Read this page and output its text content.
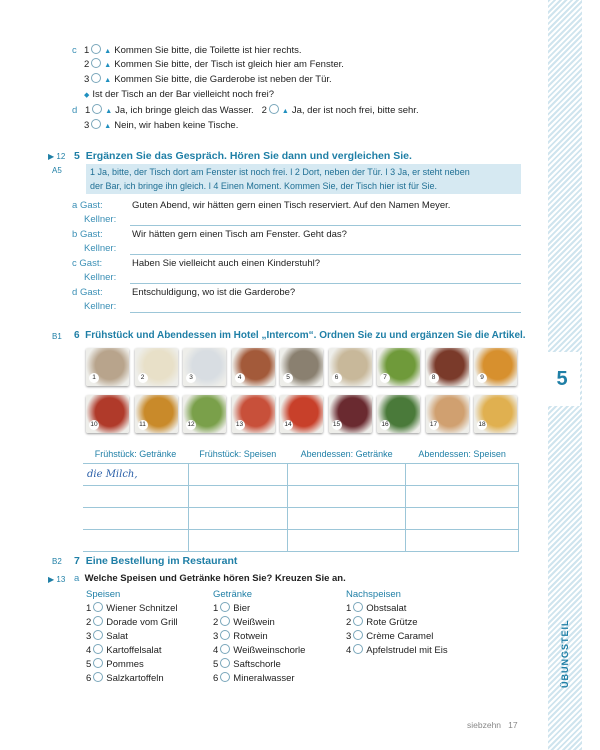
5
ÜBUNGSTEIL
c 1 ▲ Kommen Sie bitte, die Toilette ist hier rechts.
2 ▲ Kommen Sie bitte, der Tisch ist gleich hier am Fenster.
3 ▲ Kommen Sie bitte, die Garderobe ist neben der Tür.
◆ Ist der Tisch an der Bar vielleicht noch frei?
d 1 ▲ Ja, ich bringe gleich das Wasser. 2 ▲ Ja, der ist noch frei, bitte sehr.
3 ▲ Nein, wir haben keine Tische.
▶ 12
A5
5 Ergänzen Sie das Gespräch. Hören Sie dann und vergleichen Sie.
1 Ja, bitte, der Tisch dort am Fenster ist noch frei. ǀ 2 Dort, neben der Tür. ǀ 3 Ja, er steht neben
der Bar, ich bringe ihn gleich. ǀ 4 Einen Moment. Kommen Sie, der Tisch hier ist für Sie.
a Gast:	Guten Abend, wir hätten gern einen Tisch reserviert. Auf den Namen Meyer.
Kellner:
b Gast:	Wir hätten gern einen Tisch am Fenster. Geht das?
Kellner:
c Gast:	Haben Sie vielleicht auch einen Kinderstuhl?
Kellner:
d Gast:	Entschuldigung, wo ist die Garderobe?
Kellner:
B1 6 Frühstück und Abendessen im Hotel „Intercom“. Ordnen Sie zu und ergänzen Sie die Artikel.
1	2	3	4	5	6	7	8	9
10	11	12	13	14	15	16	17	18
Frühstück: Getränke	Frühstück: Speisen	Abendessen: Getränke	Abendessen: Speisen
die Milch,			

B2 7 Eine Bestellung im Restaurant
▶ 13 a Welche Speisen und Getränke hören Sie? Kreuzen Sie an.
Speisen
1 Wiener Schnitzel
2 Dorade vom Grill
3 Salat
4 Kartoffelsalat
5 Pommes
6 Salzkartoffeln
Getränke
1 Bier
2 Weißwein
3 Rotwein
4 Weißweinschorle
5 Saftschorle
6 Mineralwasser
Nachspeisen
1 Obstsalat
2 Rote Grütze
3 Crème Caramel
4 Apfelstrudel mit Eis
siebzehn 17
